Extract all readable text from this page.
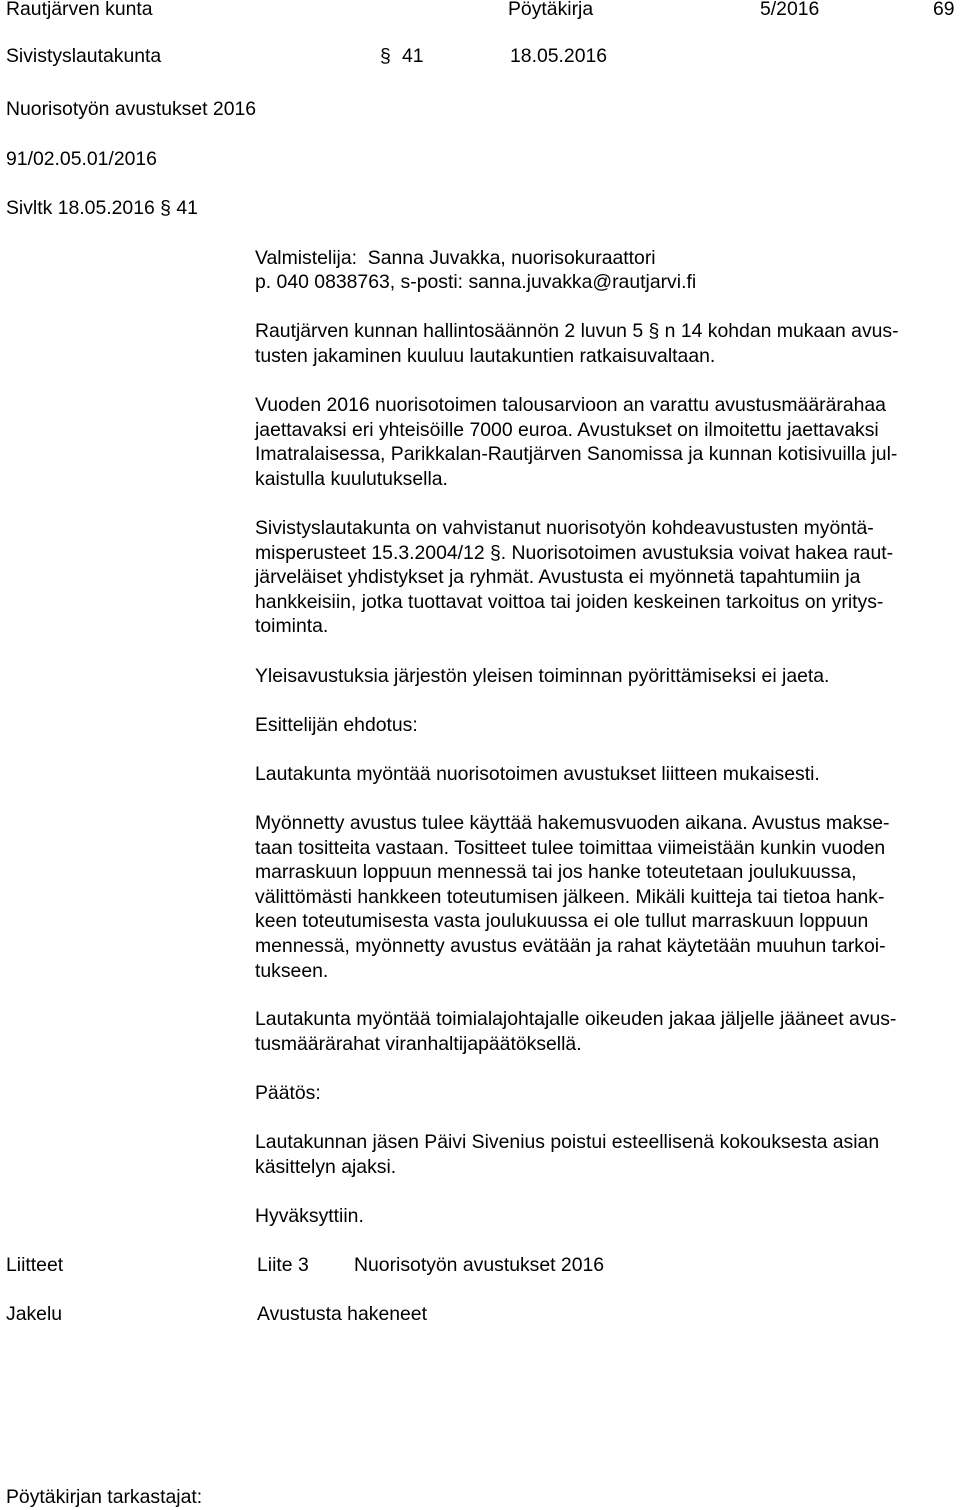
Rautjärven kunta	Pöytäkirja	5/2016	69
Sivistyslautakunta	§ 41	18.05.2016
Nuorisotyön avustukset 2016
91/02.05.01/2016
Sivltk 18.05.2016 § 41
Valmistelija: Sanna Juvakka, nuorisokuraattori
p. 040 0838763, s-posti: sanna.juvakka@rautjarvi.fi
Rautjärven kunnan hallintosäännön 2 luvun 5 § n 14 kohdan mukaan avus-
tusten jakaminen kuuluu lautakuntien ratkaisuvaltaan.
Vuoden 2016 nuorisotoimen talousarvioon an varattu avustusmäärärahaa
jaettavaksi eri yhteisöille 7000 euroa. Avustukset on ilmoitettu jaettavaksi
Imatralaisessa, Parikkalan-Rautjärven Sanomissa ja kunnan kotisivuilla jul-
kaistulla kuulutuksella.
Sivistyslautakunta on vahvistanut nuorisotyön kohdeavustusten myöntä-
misperusteet 15.3.2004/12 §. Nuorisotoimen avustuksia voivat hakea raut-
järveläiset yhdistykset ja ryhmät. Avustusta ei myönnetä tapahtumiin ja
hankkeisiin, jotka tuottavat voittoa tai joiden keskeinen tarkoitus on yritys-
toiminta.
Yleisavustuksia järjestön yleisen toiminnan pyörittämiseksi ei jaeta.
Esittelijän ehdotus:
Lautakunta myöntää nuorisotoimen avustukset liitteen mukaisesti.
Myönnetty avustus tulee käyttää hakemusvuoden aikana. Avustus makse-
taan tositteita vastaan. Tositteet tulee toimittaa viimeistään kunkin vuoden
marraskuun loppuun mennessä tai jos hanke toteutetaan joulukuussa,
välittömästi hankkeen toteutumisen jälkeen. Mikäli kuitteja tai tietoa hank-
keen toteutumisesta vasta joulukuussa ei ole tullut marraskuun loppuun
mennessä, myönnetty avustus evätään ja rahat käytetään muuhun tarkoi-
tukseen.
Lautakunta myöntää toimialajohtajalle oikeuden jakaa jäljelle jääneet avus-
tusmäärärahat viranhaltijapäätöksellä.
Päätös:
Lautakunnan jäsen Päivi Sivenius poistui esteellisenä kokouksesta asian
käsittelyn ajaksi.
Hyväksyttiin.
Liitteet	Liite 3 Nuorisotyön avustukset 2016
Jakelu	Avustusta hakeneet
Pöytäkirjan tarkastajat:
